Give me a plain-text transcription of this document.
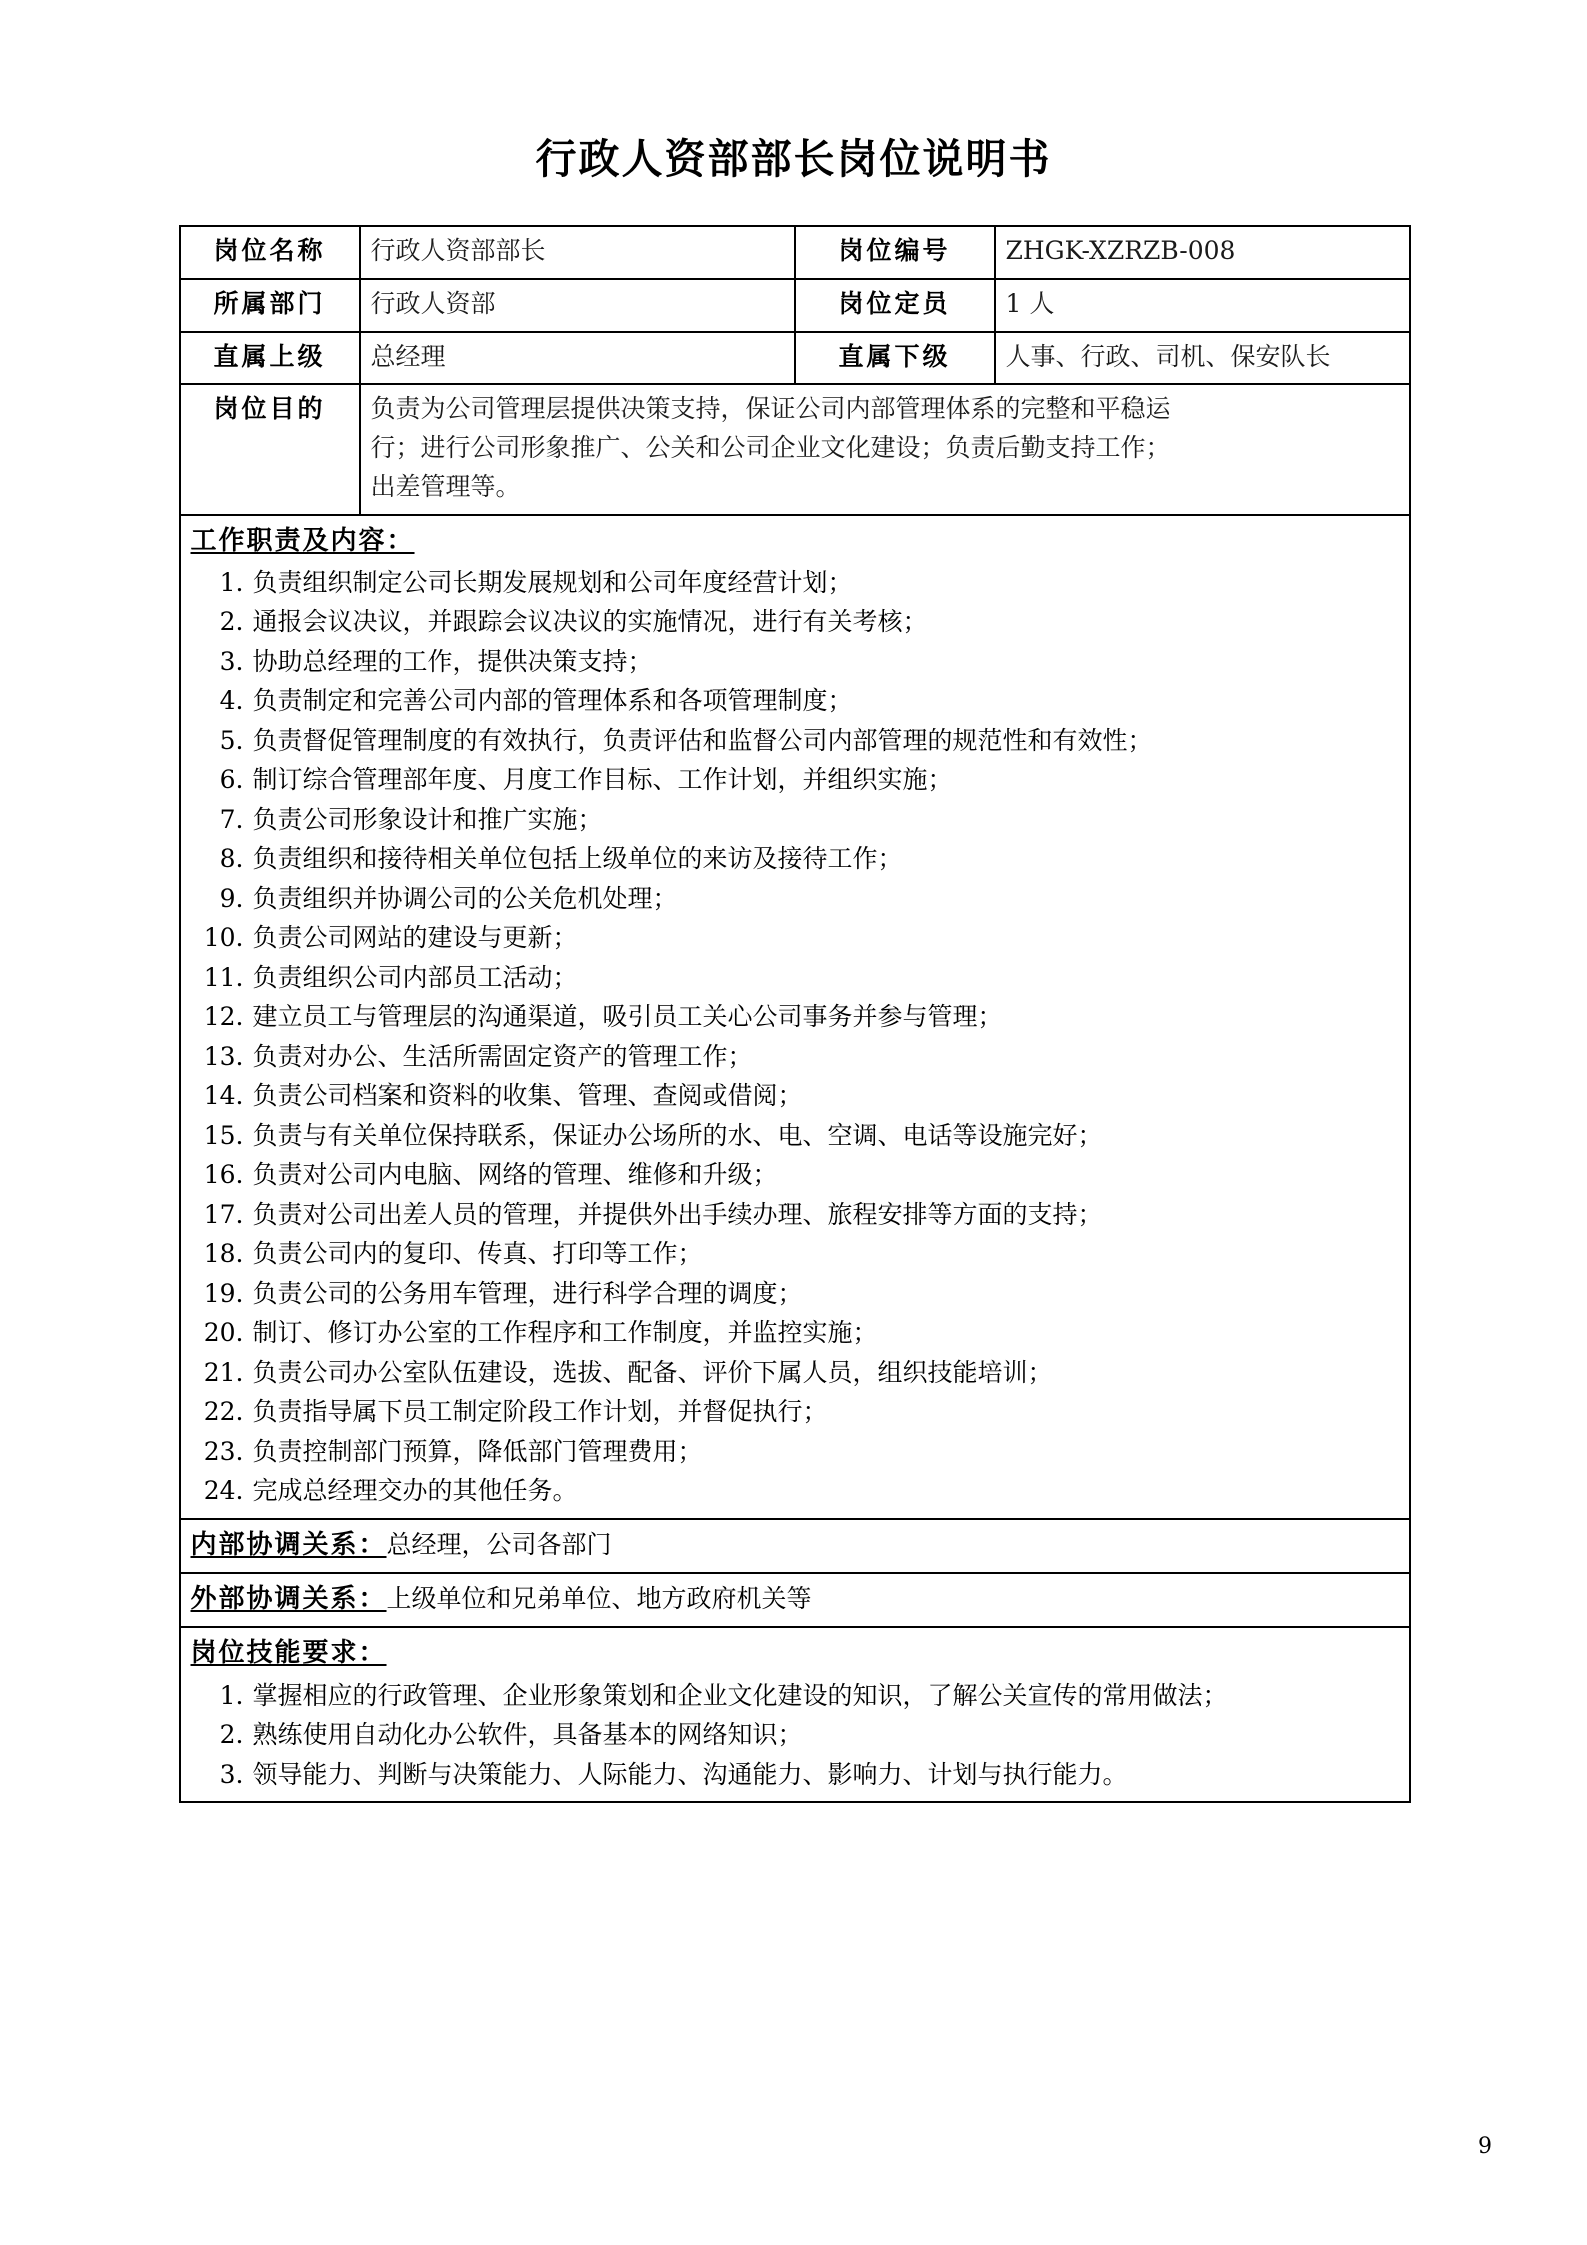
行政人资部部长岗位说明书
岗位名称	行政人资部部长	岗位编号	ZHGK-XZRZB-008
所属部门	行政人资部	岗位定员	1 人
直属上级	总经理	直属下级	人事、行政、司机、保安队长
岗位目的	负责为公司管理层提供决策支持，保证公司内部管理体系的完整和平稳运
行；进行公司形象推广、公关和公司企业文化建设；负责后勤支持工作；
出差管理等。		

工作职责及内容：
1. 负责组织制定公司长期发展规划和公司年度经营计划；
2. 通报会议决议，并跟踪会议决议的实施情况，进行有关考核；
3. 协助总经理的工作，提供决策支持；
4. 负责制定和完善公司内部的管理体系和各项管理制度；
5. 负责督促管理制度的有效执行，负责评估和监督公司内部管理的规范性和有效性；
6. 制订综合管理部年度、月度工作目标、工作计划，并组织实施；
7. 负责公司形象设计和推广实施；
8. 负责组织和接待相关单位包括上级单位的来访及接待工作；
9. 负责组织并协调公司的公关危机处理；
10. 负责公司网站的建设与更新；
11. 负责组织公司内部员工活动；
12. 建立员工与管理层的沟通渠道，吸引员工关心公司事务并参与管理；
13. 负责对办公、生活所需固定资产的管理工作；
14. 负责公司档案和资料的收集、管理、查阅或借阅；
15. 负责与有关单位保持联系，保证办公场所的水、电、空调、电话等设施完好；
16. 负责对公司内电脑、网络的管理、维修和升级；
17. 负责对公司出差人员的管理，并提供外出手续办理、旅程安排等方面的支持；
18. 负责公司内的复印、传真、打印等工作；
19. 负责公司的公务用车管理，进行科学合理的调度；
20. 制订、修订办公室的工作程序和工作制度，并监控实施；
21. 负责公司办公室队伍建设，选拔、配备、评价下属人员，组织技能培训；
22. 负责指导属下员工制定阶段工作计划，并督促执行；
23. 负责控制部门预算，降低部门管理费用；
24. 完成总经理交办的其他任务。

内部协调关系：总经理，公司各部门			
外部协调关系：上级单位和兄弟单位、地方政府机关等			

岗位技能要求：
1. 掌握相应的行政管理、企业形象策划和企业文化建设的知识，了解公关宣传的常用做法；
2. 熟练使用自动化办公软件，具备基本的网络知识；
3. 领导能力、判断与决策能力、人际能力、沟通能力、影响力、计划与执行能力。
9
